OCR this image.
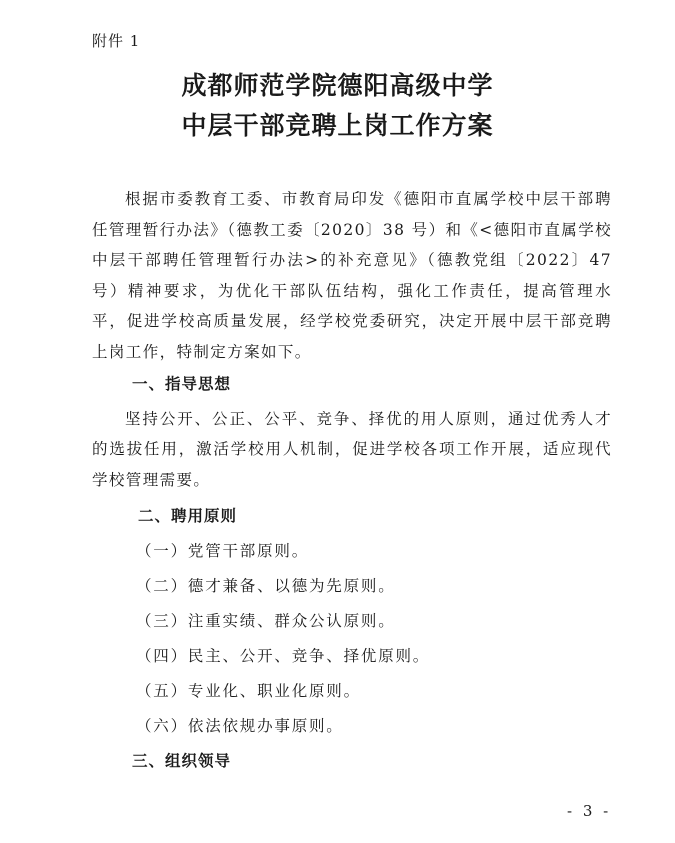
附件 1
成都师范学院德阳高级中学
中层干部竞聘上岗工作方案

根据市委教育工委、市教育局印发《德阳市直属学校中层干部聘任管理暂行办法》（德教工委〔2020〕38 号）和《<德阳市直属学校中层干部聘任管理暂行办法>的补充意见》（德教党组〔2022〕47 号）精神要求，为优化干部队伍结构，强化工作责任，提高管理水平，促进学校高质量发展，经学校党委研究，决定开展中层干部竞聘上岗工作，特制定方案如下。

一、指导思想

坚持公开、公正、公平、竞争、择优的用人原则，通过优秀人才的选拔任用，激活学校用人机制，促进学校各项工作开展，适应现代学校管理需要。

二、聘用原则

（一）党管干部原则。

（二）德才兼备、以德为先原则。

（三）注重实绩、群众公认原则。

（四）民主、公开、竞争、择优原则。

（五）专业化、职业化原则。

（六）依法依规办事原则。

三、组织领导

- 3 -
